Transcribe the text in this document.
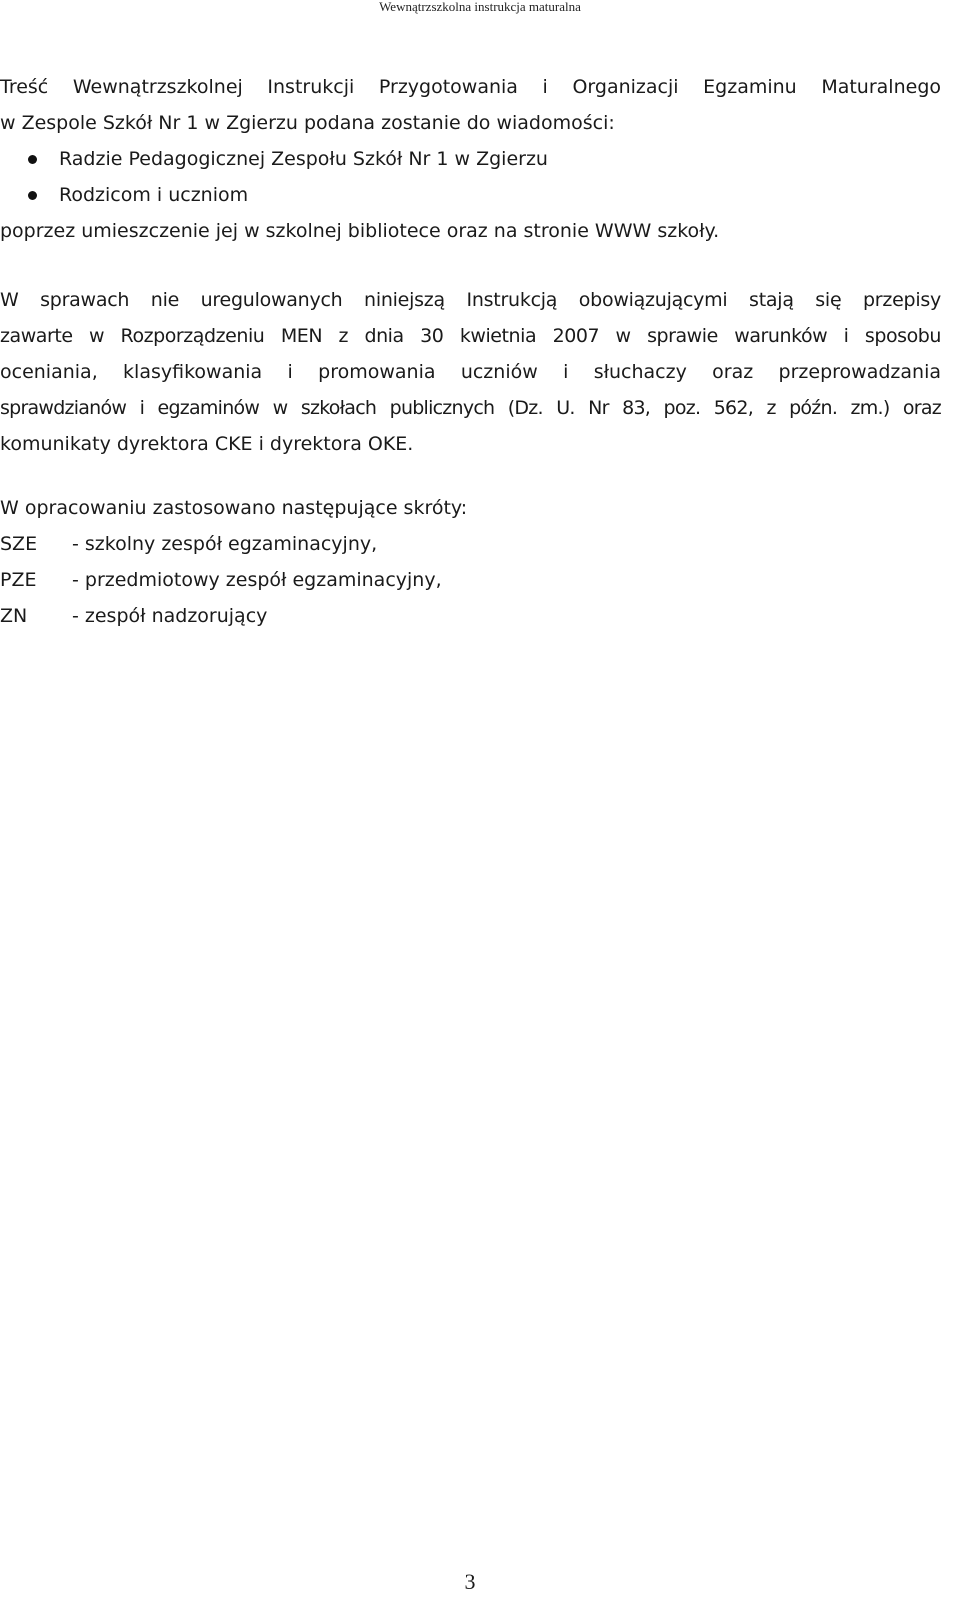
Wewnątrzszkolna instrukcja maturalna
Treść Wewnątrzszkolnej Instrukcji Przygotowania i Organizacji Egzaminu Maturalnego
w Zespole Szkół Nr 1 w Zgierzu podana zostanie do wiadomości:
Radzie Pedagogicznej Zespołu Szkół Nr 1 w Zgierzu
Rodzicom i uczniom
poprzez umieszczenie jej w szkolnej bibliotece oraz na stronie WWW szkoły.
W sprawach nie uregulowanych niniejszą Instrukcją obowiązującymi stają się przepisy
zawarte w Rozporządzeniu MEN z dnia 30 kwietnia 2007 w sprawie warunków i sposobu
oceniania, klasyfikowania i promowania uczniów i słuchaczy oraz przeprowadzania
sprawdzianów i egzaminów w szkołach publicznych (Dz. U. Nr 83, poz. 562, z późn. zm.) oraz
komunikaty dyrektora CKE i dyrektora OKE.
W opracowaniu zastosowano następujące skróty:
SZE	- szkolny zespół egzaminacyjny,
PZE	- przedmiotowy zespół egzaminacyjny,
ZN	- zespół nadzorujący
3
